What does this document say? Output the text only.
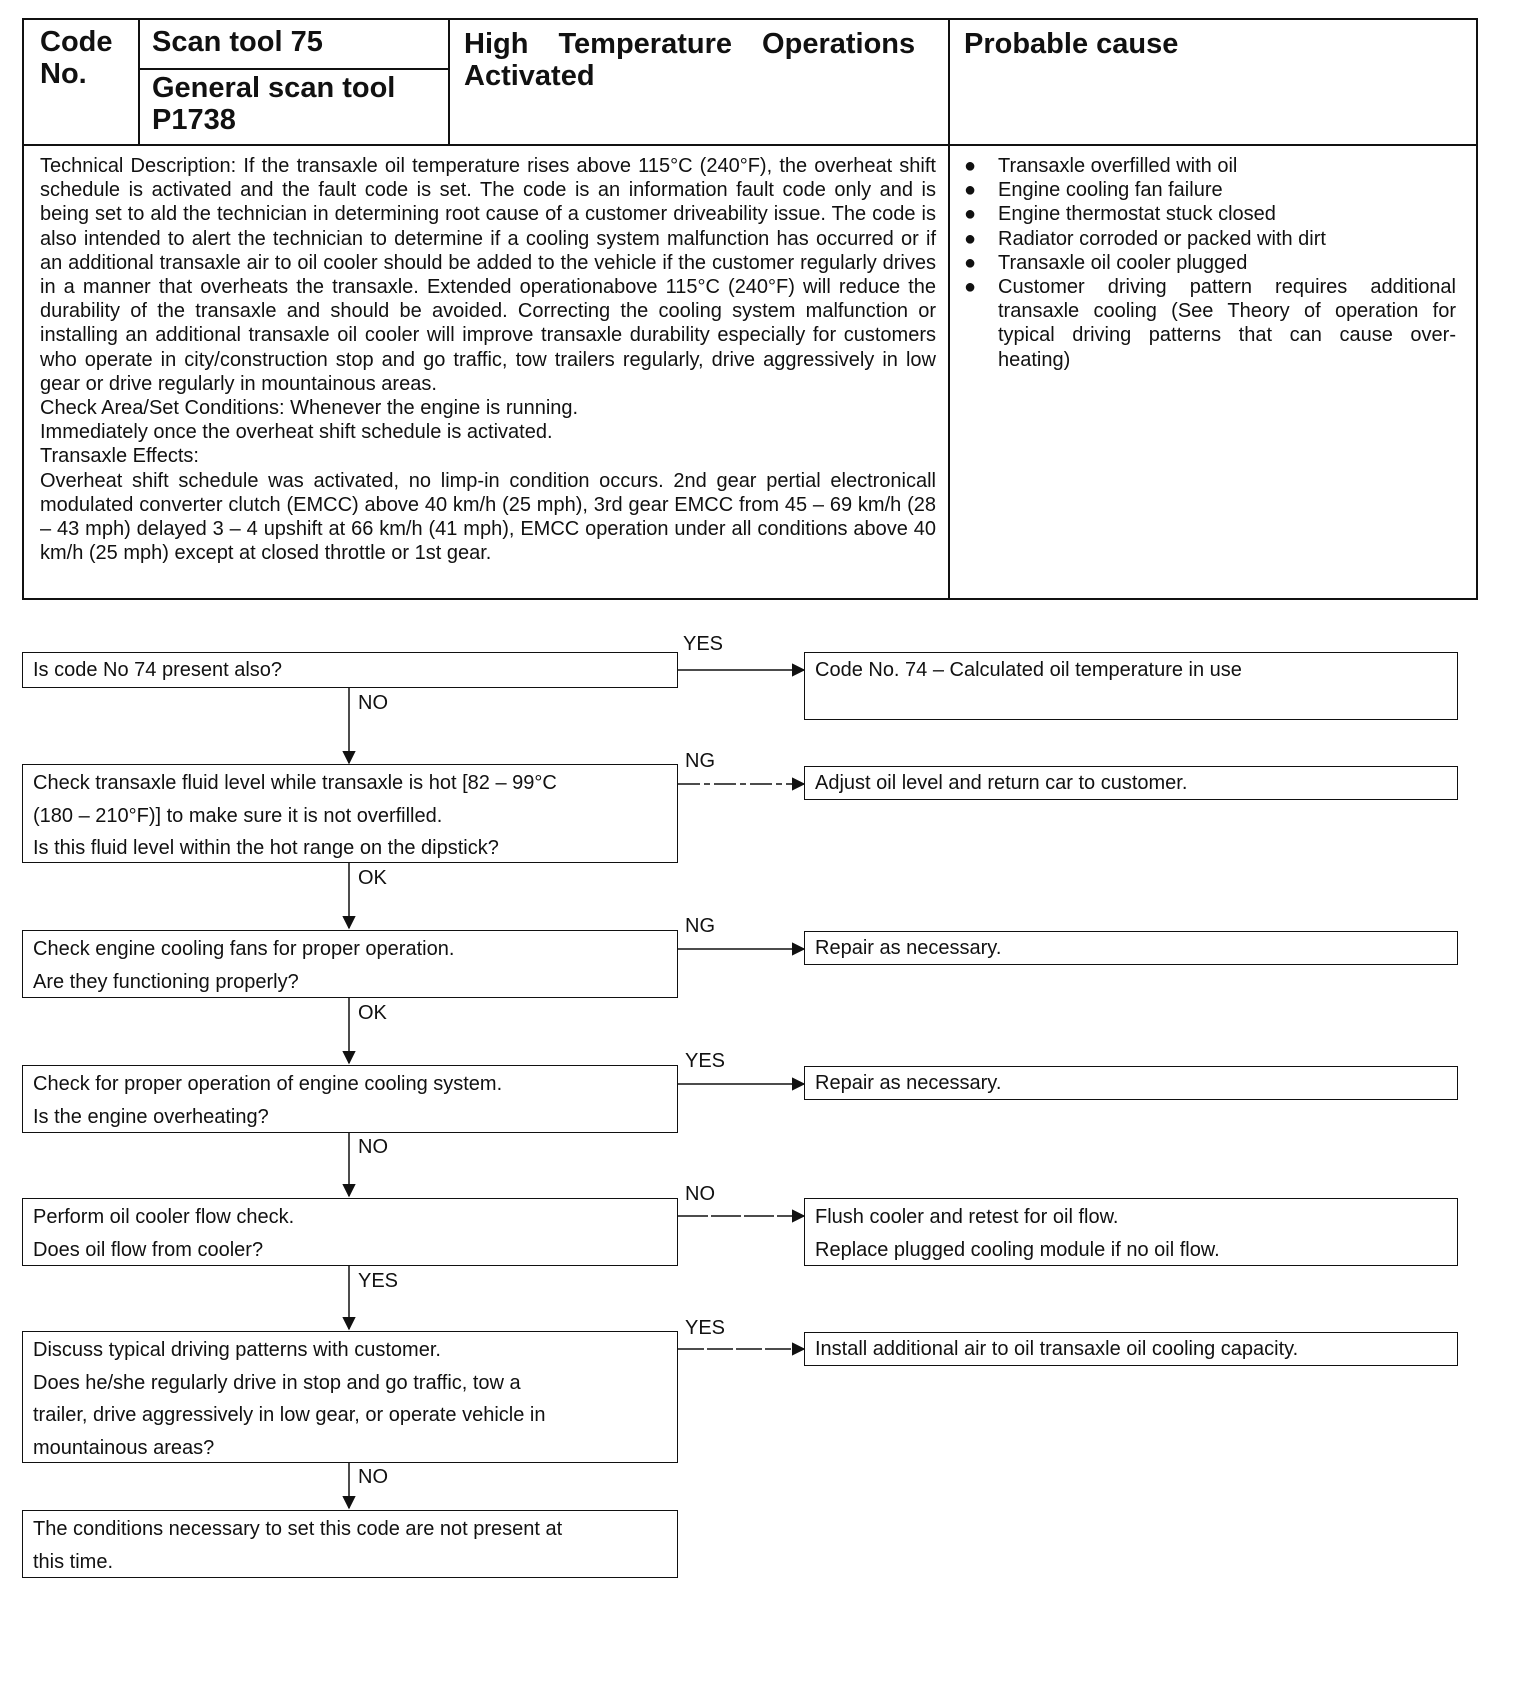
Code
No.
Scan tool 75
General scan tool
P1738
High Temperature Operations
Activated
Probable cause

Technical Description: If the transaxle oil temperature rises above 115°C (240°F), the overheat shift schedule is activated and the fault code is set. The code is an information fault code only and is being set to ald the technician in determining root cause of a customer driveability issue. The code is also intended to alert the technician to determine if a cooling system malfunction has occurred or if an additional transaxle air to oil cooler should be added to the vehicle if the customer regularly drives in a manner that overheats the transaxle. Extended operationabove 115°C (240°F) will reduce the durability of the transaxle and should be avoided. Correcting the cooling system malfunction or installing an additional transaxle oil cooler will improve transaxle durability especially for customers who operate in city/construction stop and go traffic, tow trailers regularly, drive aggressively in low gear or drive regularly in mountainous areas.

Check Area/Set Conditions: Whenever the engine is running.

Immediately once the overheat shift schedule is activated.

Transaxle Effects:

Overheat shift schedule was activated, no limp-in condition occurs. 2nd gear pertial electronicall modulated converter clutch (EMCC) above 40 km/h (25 mph), 3rd gear EMCC from 45 – 69 km/h (28 – 43 mph) delayed 3 – 4 upshift at 66 km/h (41 mph), EMCC operation under all conditions above 40 km/h (25 mph) except at closed throttle or 1st gear.

● Transaxle overfilled with oil
● Engine cooling fan failure
● Engine thermostat stuck closed
● Radiator corroded or packed with dirt
● Transaxle oil cooler plugged
● Customer driving pattern requires additional transaxle cooling (See Theory of operation for typical driving patterns that can cause over-heating)
Is code No 74 present also?
YES
Code No. 74 – Calculated oil temperature in use
NO
Check transaxle fluid level while transaxle is hot [82 – 99°C
(180 – 210°F)] to make sure it is not overfilled.
Is this fluid level within the hot range on the dipstick?
NG
Adjust oil level and return car to customer.
OK
Check engine cooling fans for proper operation.
Are they functioning properly?
NG
Repair as necessary.
OK
Check for proper operation of engine cooling system.
Is the engine overheating?
YES
Repair as necessary.
NO
Perform oil cooler flow check.
Does oil flow from cooler?
NO
Flush cooler and retest for oil flow.
Replace plugged cooling module if no oil flow.
YES
Discuss typical driving patterns with customer.
Does he/she regularly drive in stop and go traffic, tow a
trailer, drive aggressively in low gear, or operate vehicle in
mountainous areas?
YES
Install additional air to oil transaxle oil cooling capacity.
NO
The conditions necessary to set this code are not present at
this time.
